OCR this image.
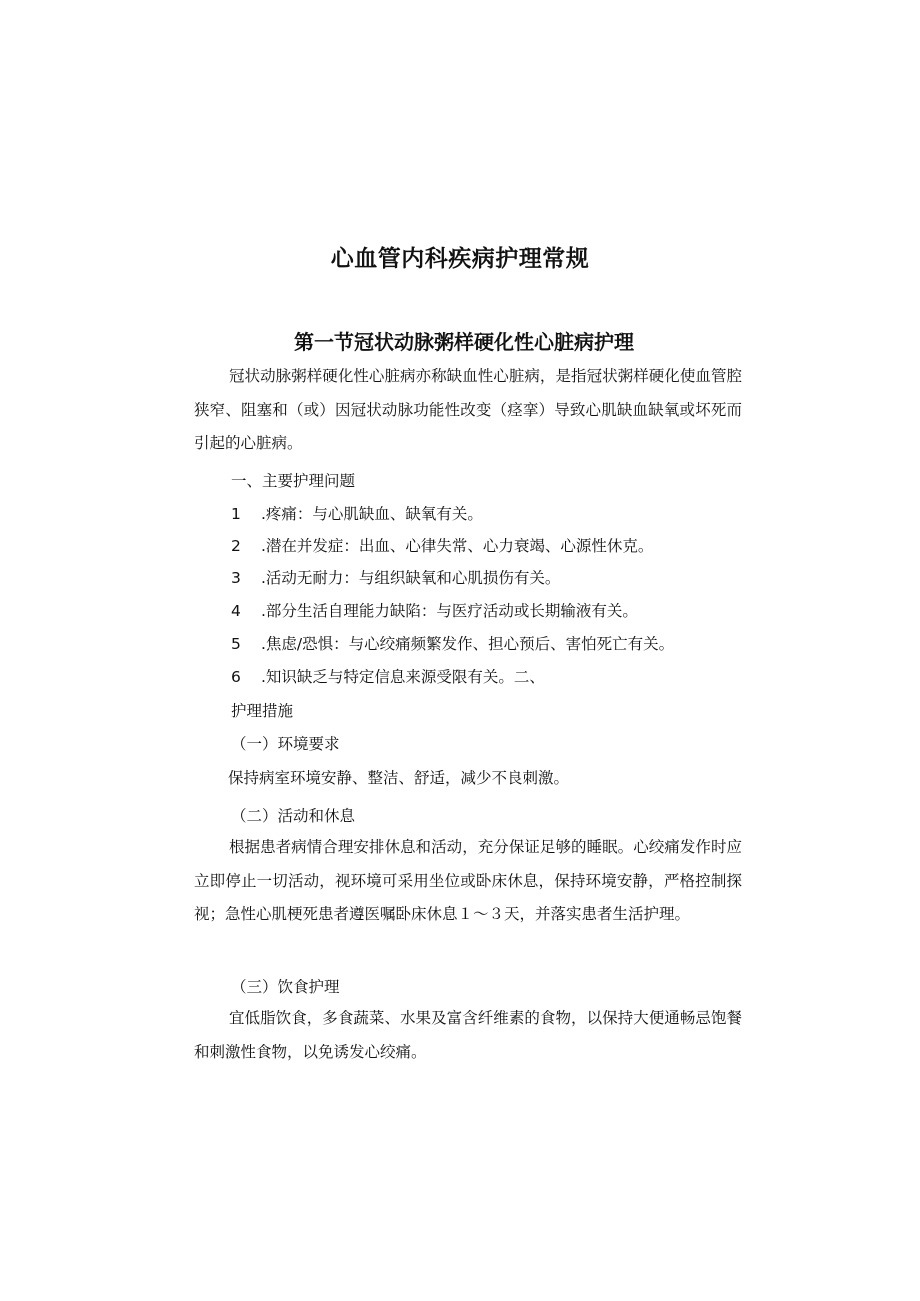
心血管内科疾病护理常规
第一节冠状动脉粥样硬化性心脏病护理

冠状动脉粥样硬化性心脏病亦称缺血性心脏病，是指冠状粥样硬化使血管腔狭窄、阻塞和（或）因冠状动脉功能性改变（痉挛）导致心肌缺血缺氧或坏死而引起的心脏病。

一、主要护理问题

1 .疼痛：与心肌缺血、缺氧有关。

2 .潜在并发症：出血、心律失常、心力衰竭、心源性休克。

3 .活动无耐力：与组织缺氧和心肌损伤有关。

4 .部分生活自理能力缺陷：与医疗活动或长期输液有关。

5 .焦虑/恐惧：与心绞痛频繁发作、担心预后、害怕死亡有关。

6 .知识缺乏与特定信息来源受限有关。二、

护理措施

（一）环境要求

保持病室环境安静、整洁、舒适，减少不良刺激。

（二）活动和休息

根据患者病情合理安排休息和活动，充分保证足够的睡眠。心绞痛发作时应立即停止一切活动，视环境可采用坐位或卧床休息，保持环境安静，严格控制探视；急性心肌梗死患者遵医嘱卧床休息１～３天，并落实患者生活护理。

（三）饮食护理

宜低脂饮食，多食蔬菜、水果及富含纤维素的食物，以保持大便通畅忌饱餐和刺激性食物，以免诱发心绞痛。
